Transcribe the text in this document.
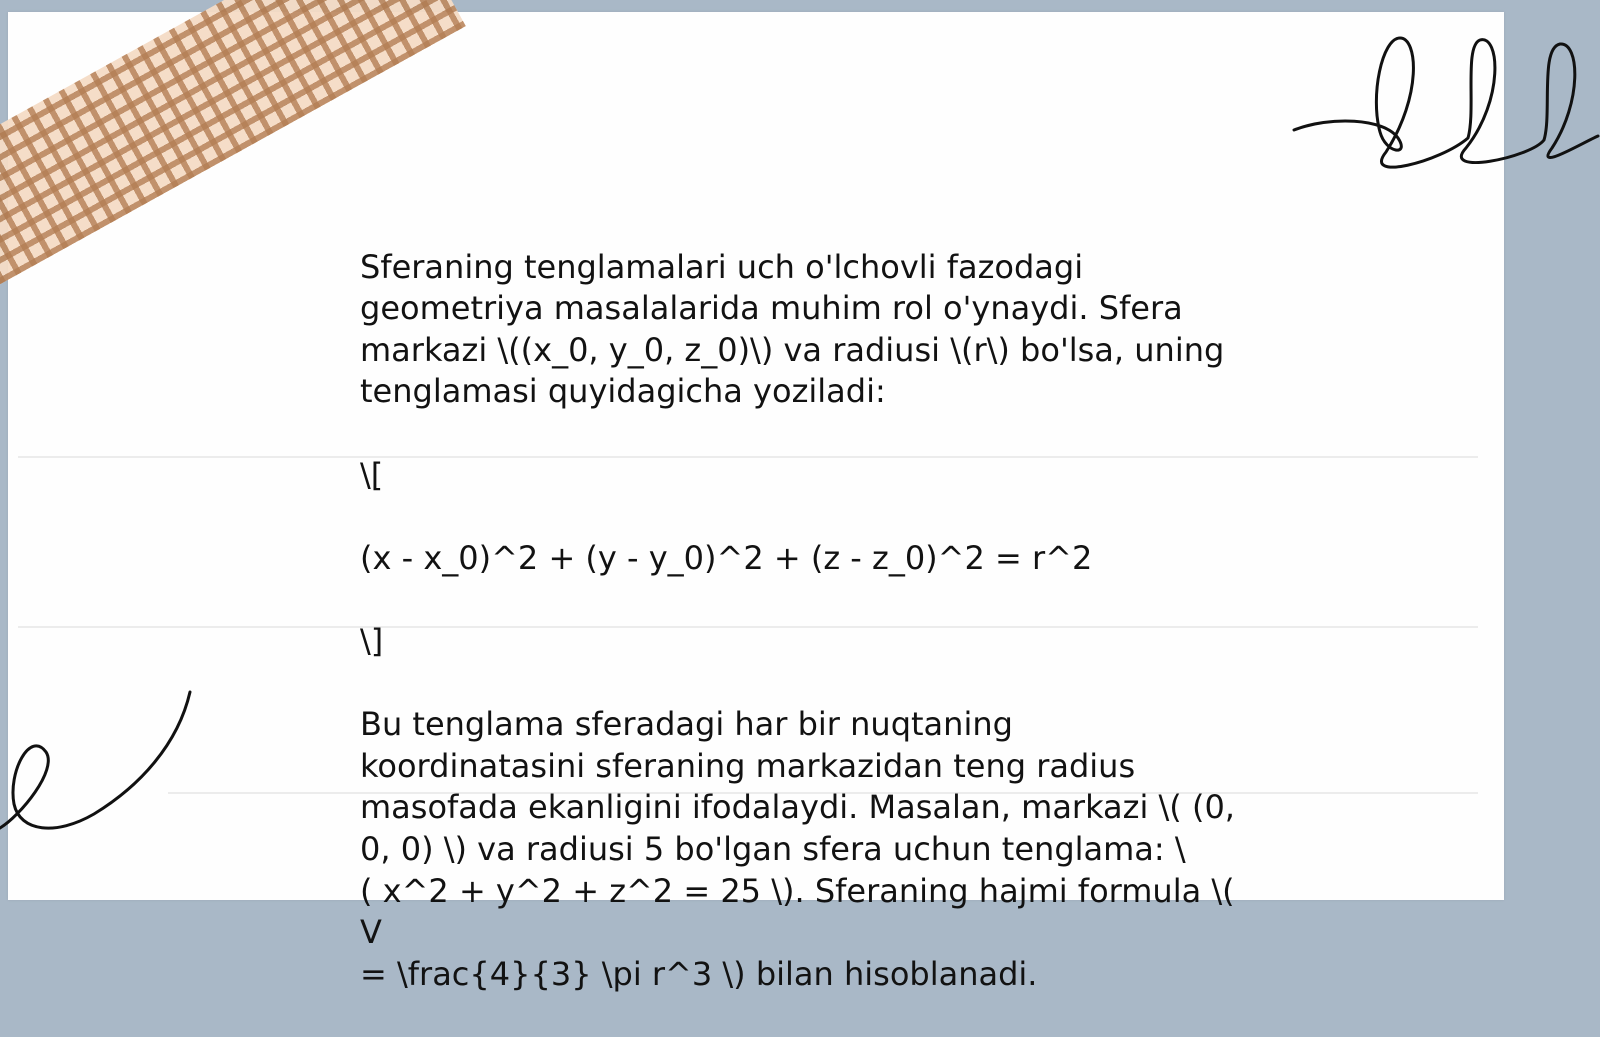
Sferaning tenglamalari uch o'lchovli fazodagi
geometriya masalalarida muhim rol o'ynaydi. Sfera
markazi \((x_0, y_0, z_0)\) va radiusi \(r\) bo'lsa, uning
tenglamasi quyidagicha yoziladi:

\[

(x - x_0)^2 + (y - y_0)^2 + (z - z_0)^2 = r^2

\]

Bu tenglama sferadagi har bir nuqtaning
koordinatasini sferaning markazidan teng radius
masofada ekanligini ifodalaydi. Masalan, markazi \( (0,
0, 0) \) va radiusi 5 bo'lgan sfera uchun tenglama: \
( x^2 + y^2 + z^2 = 25 \). Sferaning hajmi formula \( V
= \frac{4}{3} \pi r^3 \) bilan hisoblanadi.
